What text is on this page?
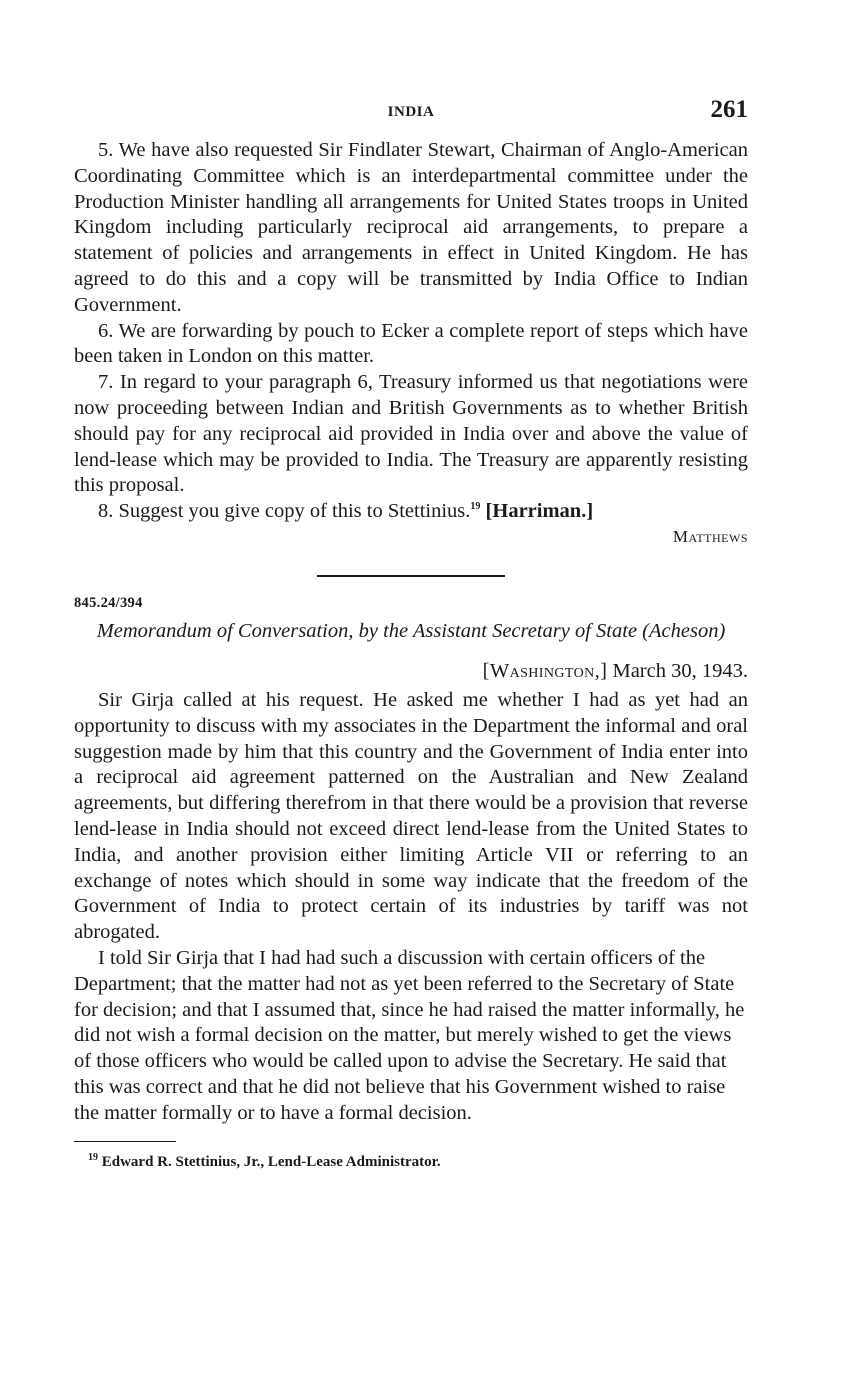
INDIA	261

5. We have also requested Sir Findlater Stewart, Chairman of Anglo-American Coordinating Committee which is an interdepartmental committee under the Production Minister handling all arrangements for United States troops in United Kingdom including particularly reciprocal aid arrangements, to prepare a statement of policies and arrangements in effect in United Kingdom. He has agreed to do this and a copy will be transmitted by India Office to Indian Government.

6. We are forwarding by pouch to Ecker a complete report of steps which have been taken in London on this matter.

7. In regard to your paragraph 6, Treasury informed us that negotiations were now proceeding between Indian and British Governments as to whether British should pay for any reciprocal aid provided in India over and above the value of lend-lease which may be provided to India. The Treasury are apparently resisting this proposal.

8. Suggest you give copy of this to Stettinius.$^{19}$ [Harriman.]

Matthews

845.24/394

Memorandum of Conversation, by the Assistant Secretary of State (Acheson)

[Washington,] March 30, 1943.

Sir Girja called at his request. He asked me whether I had as yet had an opportunity to discuss with my associates in the Department the informal and oral suggestion made by him that this country and the Government of India enter into a reciprocal aid agreement patterned on the Australian and New Zealand agreements, but differing therefrom in that there would be a provision that reverse lend-lease in India should not exceed direct lend-lease from the United States to India, and another provision either limiting Article VII or referring to an exchange of notes which should in some way indicate that the freedom of the Government of India to protect certain of its industries by tariff was not abrogated.

I told Sir Girja that I had had such a discussion with certain officers of the Department; that the matter had not as yet been referred to the Secretary of State for decision; and that I assumed that, since he had raised the matter informally, he did not wish a formal decision on the matter, but merely wished to get the views of those officers who would be called upon to advise the Secretary. He said that this was correct and that he did not believe that his Government wished to raise the matter formally or to have a formal decision.

$^{19}$ Edward R. Stettinius, Jr., Lend-Lease Administrator.
